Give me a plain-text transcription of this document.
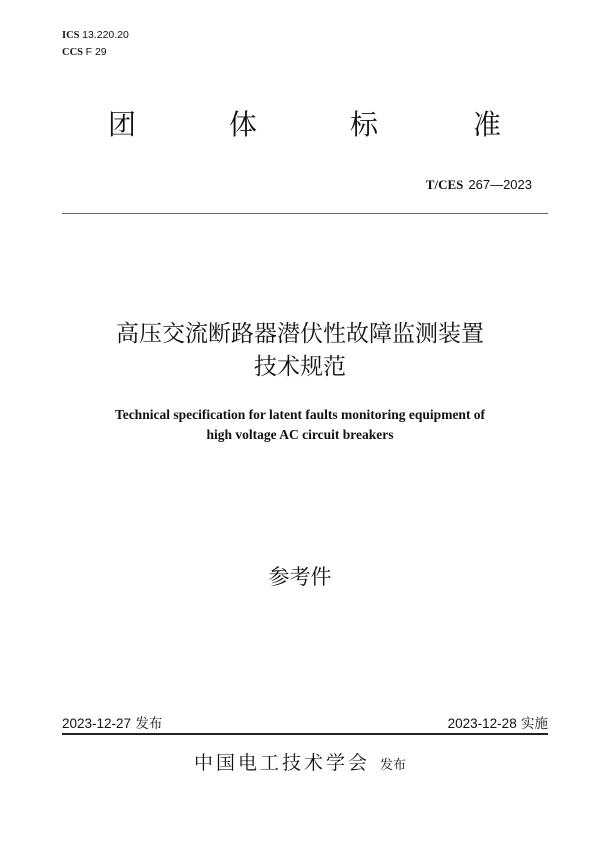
ICS 13.220.20
CCS F 29
团	体	标	准
T/CES 267—2023
高压交流断路器潜伏性故障监测装置
技术规范
Technical specification for latent faults monitoring equipment of
high voltage AC circuit breakers
参考件
2023-12-27 发布	2023-12-28 实施
中国电工技术学会 发布
